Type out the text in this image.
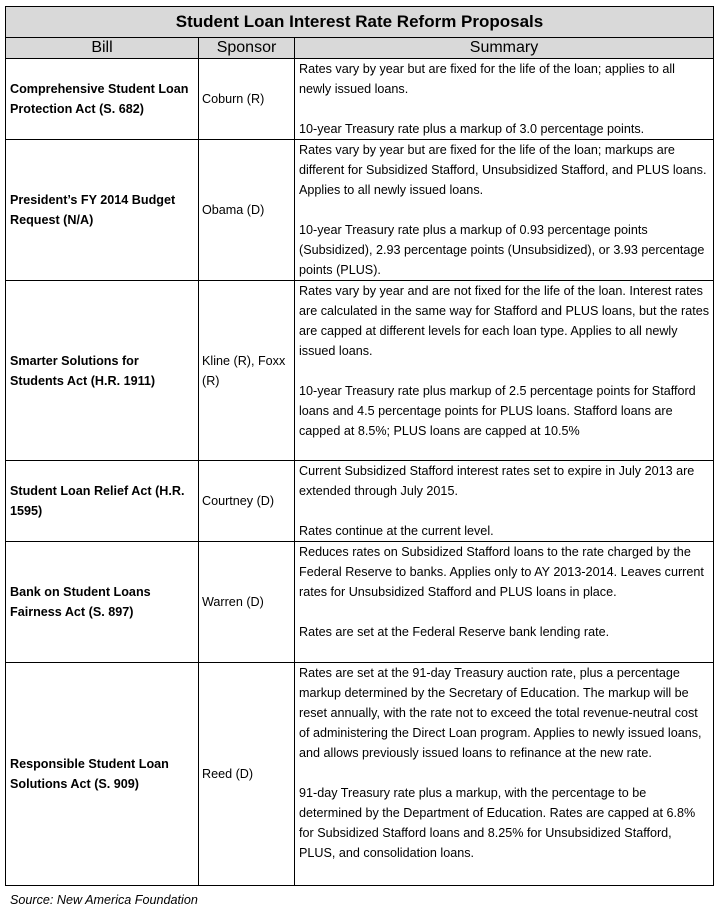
Student Loan Interest Rate Reform Proposals		
Bill	Sponsor	Summary
Comprehensive Student Loan Protection Act (S. 682)	Coburn (R)	Rates vary by year but are fixed for the life of the loan; applies to all newly issued loans.
10-year Treasury rate plus a markup of 3.0 percentage points.

President’s FY 2014 Budget Request (N/A)	Obama (D)	Rates vary by year but are fixed for the life of the loan; markups are different for Subsidized Stafford, Unsubsidized Stafford, and PLUS loans. Applies to all newly issued loans.
10-year Treasury rate plus a markup of 0.93 percentage points (Subsidized), 2.93 percentage points (Unsubsidized), or 3.93 percentage points (PLUS).

Smarter Solutions for Students Act (H.R. 1911)	Kline (R), Foxx (R)	Rates vary by year and are not fixed for the life of the loan. Interest rates are calculated in the same way for Stafford and PLUS loans, but the rates are capped at different levels for each loan type. Applies to all newly issued loans.
10-year Treasury rate plus markup of 2.5 percentage points for Stafford loans and 4.5 percentage points for PLUS loans. Stafford loans are capped at 8.5%; PLUS loans are capped at 10.5%

Student Loan Relief Act (H.R. 1595)	Courtney (D)	Current Subsidized Stafford interest rates set to expire in July 2013 are extended through July 2015.
Rates continue at the current level.

Bank on Student Loans Fairness Act (S. 897)	Warren (D)	Reduces rates on Subsidized Stafford loans to the rate charged by the Federal Reserve to banks. Applies only to AY 2013-2014. Leaves current rates for Unsubsidized Stafford and PLUS loans in place.
Rates are set at the Federal Reserve bank lending rate.

Responsible Student Loan Solutions Act (S. 909)	Reed (D)	Rates are set at the 91-day Treasury auction rate, plus a percentage markup determined by the Secretary of Education. The markup will be reset annually, with the rate not to exceed the total revenue-neutral cost of administering the Direct Loan program. Applies to newly issued loans, and allows previously issued loans to refinance at the new rate.
91-day Treasury rate plus a markup, with the percentage to be determined by the Department of Education. Rates are capped at 6.8% for Subsidized Stafford loans and 8.25% for Unsubsidized Stafford, PLUS, and consolidation loans.
Source: New America Foundation
